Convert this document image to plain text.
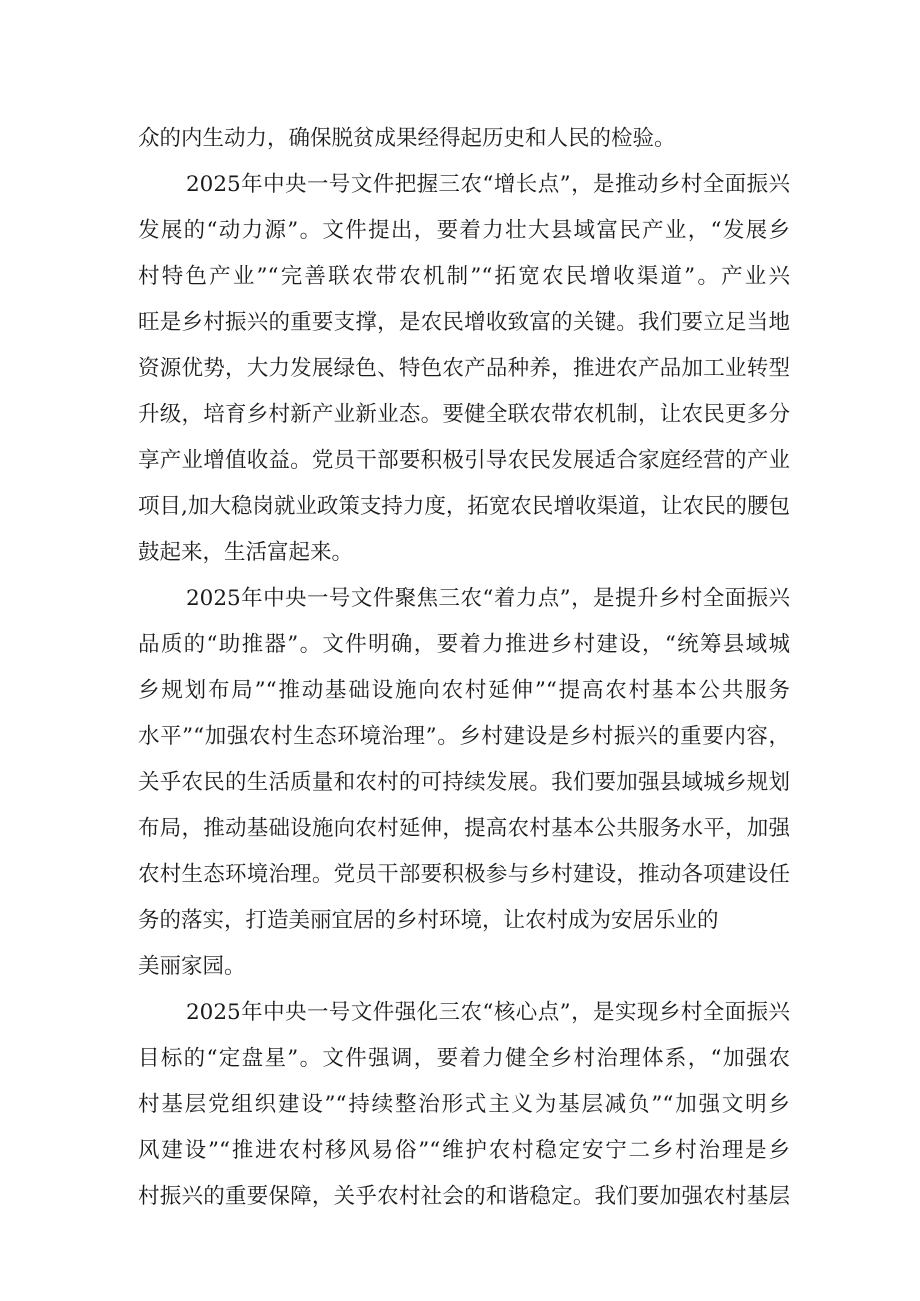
众的内生动力，确保脱贫成果经得起历史和人民的检验。
2025年中央一号文件把握三农“增长点”，是推动乡村全面振兴
发展的“动力源”。文件提出，要着力壮大县域富民产业，“发展乡
村特色产业”“完善联农带农机制”“拓宽农民增收渠道”。产业兴
旺是乡村振兴的重要支撑，是农民增收致富的关键。我们要立足当地
资源优势，大力发展绿色、特色农产品种养，推进农产品加工业转型
升级，培育乡村新产业新业态。要健全联农带农机制，让农民更多分
享产业增值收益。党员干部要积极引导农民发展适合家庭经营的产业
项目,加大稳岗就业政策支持力度，拓宽农民增收渠道，让农民的腰包
鼓起来，生活富起来。
2025年中央一号文件聚焦三农“着力点”，是提升乡村全面振兴
品质的“助推器”。文件明确，要着力推进乡村建设，“统筹县域城
乡规划布局”“推动基础设施向农村延伸”“提高农村基本公共服务
水平”“加强农村生态环境治理”。乡村建设是乡村振兴的重要内容，
关乎农民的生活质量和农村的可持续发展。我们要加强县域城乡规划
布局，推动基础设施向农村延伸，提高农村基本公共服务水平，加强
农村生态环境治理。党员干部要积极参与乡村建设，推动各项建设任
务的落实，打造美丽宜居的乡村环境，让农村成为安居乐业的
美丽家园。
2025年中央一号文件强化三农“核心点”，是实现乡村全面振兴
目标的“定盘星”。文件强调，要着力健全乡村治理体系，“加强农
村基层党组织建设”“持续整治形式主义为基层减负”“加强文明乡
风建设”“推进农村移风易俗”“维护农村稳定安宁二乡村治理是乡
村振兴的重要保障，关乎农村社会的和谐稳定。我们要加强农村基层
